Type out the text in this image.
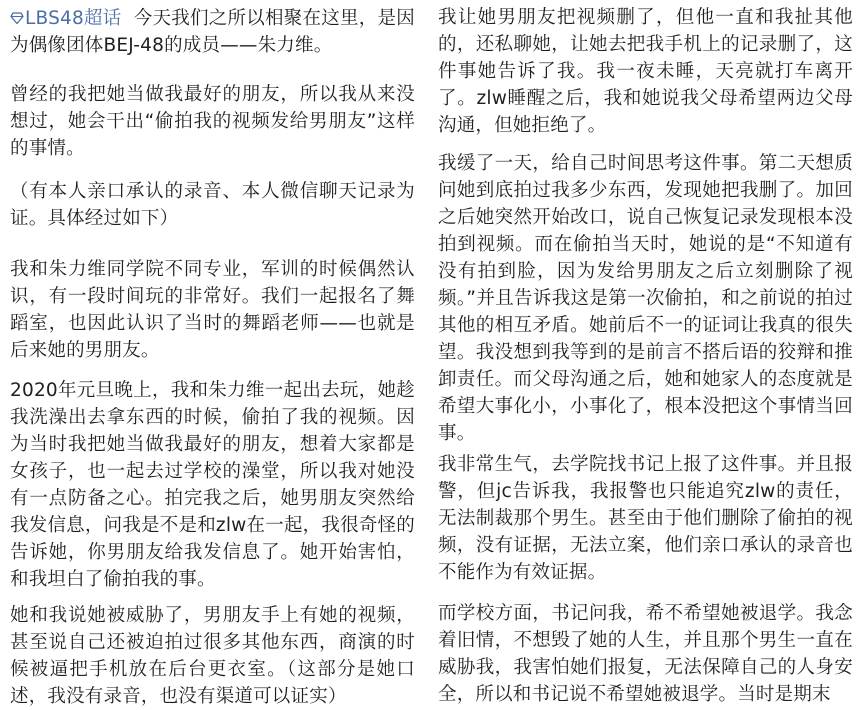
LBS48超话 今天我们之所以相聚在这里，是因为偶像团体BEJ-48的成员——朱力维。

曾经的我把她当做我最好的朋友，所以我从来没想过，她会干出“偷拍我的视频发给男朋友”这样的事情。

（有本人亲口承认的录音、本人微信聊天记录为证。具体经过如下）

我和朱力维同学院不同专业，军训的时候偶然认识，有一段时间玩的非常好。我们一起报名了舞蹈室，也因此认识了当时的舞蹈老师——也就是后来她的男朋友。

2020年元旦晚上，我和朱力维一起出去玩，她趁我洗澡出去拿东西的时候，偷拍了我的视频。因为当时我把她当做我最好的朋友，想着大家都是女孩子，也一起去过学校的澡堂，所以我对她没有一点防备之心。拍完我之后，她男朋友突然给我发信息，问我是不是和zlw在一起，我很奇怪的告诉她，你男朋友给我发信息了。她开始害怕，和我坦白了偷拍我的事。

她和我说她被威胁了，男朋友手上有她的视频，甚至说自己还被迫拍过很多其他东西，商演的时候被逼把手机放在后台更衣室。（这部分是她口述，我没有录音，也没有渠道可以证实）

我让她男朋友把视频删了，但他一直和我扯其他的，还私聊她，让她去把我手机上的记录删了，这件事她告诉了我。我一夜未睡，天亮就打车离开了。zlw睡醒之后，我和她说我父母希望两边父母沟通，但她拒绝了。

我缓了一天，给自己时间思考这件事。第二天想质问她到底拍过我多少东西，发现她把我删了。加回之后她突然开始改口，说自己恢复记录发现根本没拍到视频。而在偷拍当天时，她说的是“不知道有没有拍到脸，因为发给男朋友之后立刻删除了视频。”并且告诉我这是第一次偷拍，和之前说的拍过其他的相互矛盾。她前后不一的证词让我真的很失望。我没想到我等到的是前言不搭后语的狡辩和推卸责任。而父母沟通之后，她和她家人的态度就是希望大事化小，小事化了，根本没把这个事情当回事。

我非常生气，去学院找书记上报了这件事。并且报警，但jc告诉我，我报警也只能追究zlw的责任，无法制裁那个男生。甚至由于他们删除了偷拍的视频，没有证据，无法立案，他们亲口承认的录音也不能作为有效证据。

而学校方面，书记问我，希不希望她被退学。我念着旧情，不想毁了她的人生，并且那个男生一直在威胁我，我害怕她们报复，无法保障自己的人身安全，所以和书记说不希望她被退学。当时是期末
